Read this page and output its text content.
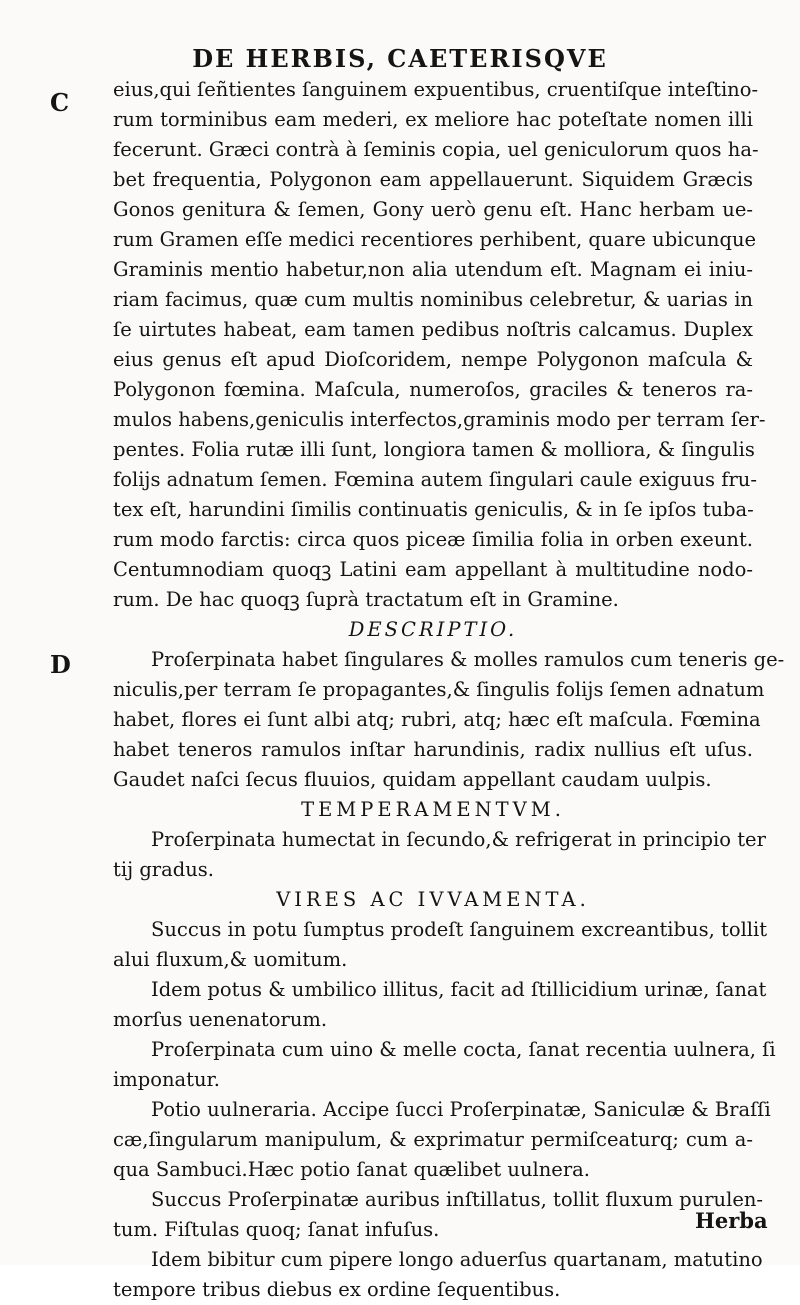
DE HERBIS, CAETERISQVE
C
D
eius,qui ſeñtientes ſanguinem expuentibus, cruentiſque inteſtino-
rum torminibus eam mederi, ex meliore hac poteſtate nomen illi
fecerunt. Græci contrà à ſeminis copia, uel geniculorum quos ha-
bet frequentia, Polygonon eam appellauerunt. Siquidem Græcis
Gonos genitura & ſemen, Gony uerò genu eſt. Hanc herbam ue-
rum Gramen eſſe medici recentiores perhibent, quare ubicunque
Graminis mentio habetur,non alia utendum eſt. Magnam ei iniu-
riam facimus, quæ cum multis nominibus celebretur, & uarias in
ſe uirtutes habeat, eam tamen pedibus noſtris calcamus. Duplex
eius genus eſt apud Dioſcoridem, nempe Polygonon maſcula &
Polygonon fœmina. Maſcula, numeroſos, graciles & teneros ra-
mulos habens,geniculis interfectos,graminis modo per terram ſer-
pentes. Folia rutæ illi ſunt, longiora tamen & molliora, & ſingulis
folijs adnatum ſemen. Fœmina autem ſingulari caule exiguus fru-
tex eſt, harundini ſimilis continuatis geniculis, & in ſe ipſos tuba-
rum modo farctis: circa quos piceæ ſimilia folia in orben exeunt.
Centumnodiam quoqꝫ Latini eam appellant à multitudine nodo-
rum. De hac quoqꝫ ſuprà tractatum eſt in Gramine.
DESCRIPTIO.
Proſerpinata habet ſingulares & molles ramulos cum teneris ge-
niculis,per terram ſe propagantes,& ſingulis folijs ſemen adnatum
habet, flores ei ſunt albi atq; rubri, atq; hæc eſt maſcula. Fœmina
habet teneros ramulos inſtar harundinis, radix nullius eſt uſus.
Gaudet naſci ſecus fluuios, quidam appellant caudam uulpis.
TEMPERAMENTVM.
Proſerpinata humectat in ſecundo,& refrigerat in principio ter
tij gradus.
VIRES AC IVVAMENTA.
Succus in potu ſumptus prodeſt ſanguinem excreantibus, tollit
alui fluxum,& uomitum.
Idem potus & umbilico illitus, facit ad ſtillicidium urinæ, ſanat
morſus uenenatorum.
Proſerpinata cum uino & melle cocta, ſanat recentia uulnera, ſi
imponatur.
Potio uulneraria. Accipe ſucci Proſerpinatæ, Saniculæ & Braſſi
cæ,ſingularum manipulum, & exprimatur permiſceaturq; cum a-
qua Sambuci.Hæc potio ſanat quælibet uulnera.
Succus Proſerpinatæ auribus inſtillatus, tollit fluxum purulen-
tum. Fiſtulas quoq; ſanat infuſus.
Idem bibitur cum pipere longo aduerſus quartanam, matutino
tempore tribus diebus ex ordine ſequentibus.
Herba
